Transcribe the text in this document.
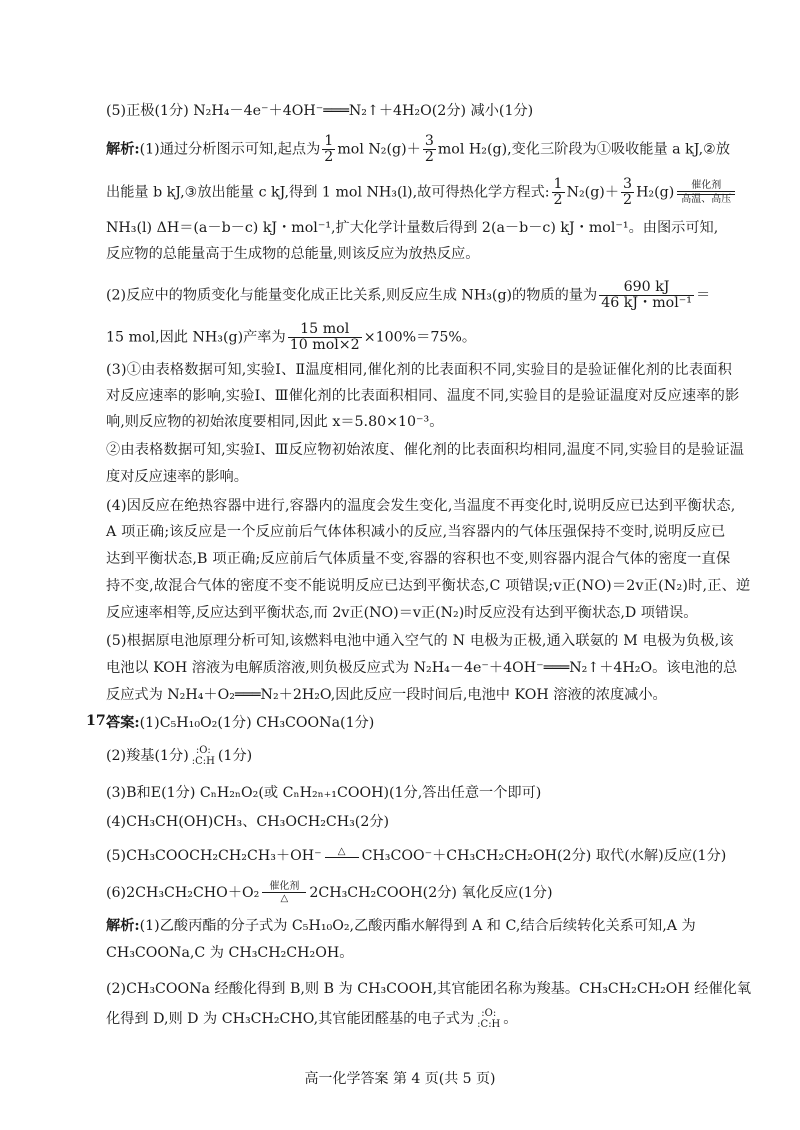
(5)正极(1分) N₂H₄－4e⁻＋4OH⁻═══N₂↑＋4H₂O(2分) 减小(1分)
解析:(1)通过分析图示可知,起点为 $\frac{1}{2}$ mol $N_2(g)+ \frac{3}{2}$ mol H₂(g),变化三阶段为①吸收能量 a kJ,②放
出能量 b kJ,③放出能量 c kJ,得到 1 mol NH₃(l),故可得热化学方程式: $\frac{1}{2} N_2(g)+ \frac{3}{2} H_2(g)$ 催化剂
高温、高压
NH₃(l) ΔH＝(a－b－c) kJ・mol⁻¹,扩大化学计量数后得到 2(a－b－c) kJ・mol⁻¹。由图示可知,
反应物的总能量高于生成物的总能量,则该反应为放热反应。
(2)反应中的物质变化与能量变化成正比关系,则反应生成 NH₃(g)的物质的量为 $\frac{690 kJ}{\text{46 kJ・mol⁻¹}}$ ＝
15 mol,因此 NH₃(g)产率为 $\frac{\text{15 mol}}{\text{10 mol×2}} \times 100\%=75\%$。
(3)①由表格数据可知,实验Ⅰ、Ⅱ温度相同,催化剂的比表面积不同,实验目的是验证催化剂的比表面积
对反应速率的影响,实验Ⅰ、Ⅲ催化剂的比表面积相同、温度不同,实验目的是验证温度对反应速率的影
响,则反应物的初始浓度要相同,因此 x＝5.80×10⁻³。
②由表格数据可知,实验Ⅰ、Ⅲ反应物初始浓度、催化剂的比表面积均相同,温度不同,实验目的是验证温
度对反应速率的影响。
(4)因反应在绝热容器中进行,容器内的温度会发生变化,当温度不再变化时,说明反应已达到平衡状态,
A 项正确;该反应是一个反应前后气体体积减小的反应,当容器内的气体压强保持不变时,说明反应已
达到平衡状态,B 项正确;反应前后气体质量不变,容器的容积也不变,则容器内混合气体的密度一直保
持不变,故混合气体的密度不变不能说明反应已达到平衡状态,C 项错误;v正(NO)＝2v正(N₂)时,正、逆
反应速率相等,反应达到平衡状态,而 2v正(NO)＝v正(N₂)时反应没有达到平衡状态,D 项错误。
(5)根据原电池原理分析可知,该燃料电池中通入空气的 N 电极为正极,通入联氨的 M 电极为负极,该
电池以 KOH 溶液为电解质溶液,则负极反应式为 N₂H₄－4e⁻＋4OH⁻═══N₂↑＋4H₂O。该电池的总
反应式为 N₂H₄＋O₂═══N₂＋2H₂O,因此反应一段时间后,电池中 KOH 溶液的浓度减小。
17.
答案:(1)C₅H₁₀O₂(1分) CH₃COONa(1分)
(2)羧基(1分) :O:
:C:H (1分)
(3)B和E(1分) CₙH₂ₙO₂(或 CₙH₂ₙ₊₁COOH)(1分,答出任意一个即可)
(4)CH₃CH(OH)CH₃、CH₃OCH₂CH₃(2分)
(5)CH₃COOCH₂CH₂CH₃＋OH⁻ △ CH₃COO⁻＋CH₃CH₂CH₂OH(2分) 取代(水解)反应(1分)
(6)2CH₃CH₂CHO＋O₂ 催化剂
△ 2CH₃CH₂COOH(2分) 氧化反应(1分)
解析:(1)乙酸丙酯的分子式为 C₅H₁₀O₂,乙酸丙酯水解得到 A 和 C,结合后续转化关系可知,A 为
CH₃COONa,C 为 CH₃CH₂CH₂OH。
(2)CH₃COONa 经酸化得到 B,则 B 为 CH₃COOH,其官能团名称为羧基。CH₃CH₂CH₂OH 经催化氧
化得到 D,则 D 为 CH₃CH₂CHO,其官能团醛基的电子式为 :O:
:C:H 。
高一化学答案 第 4 页(共 5 页)
